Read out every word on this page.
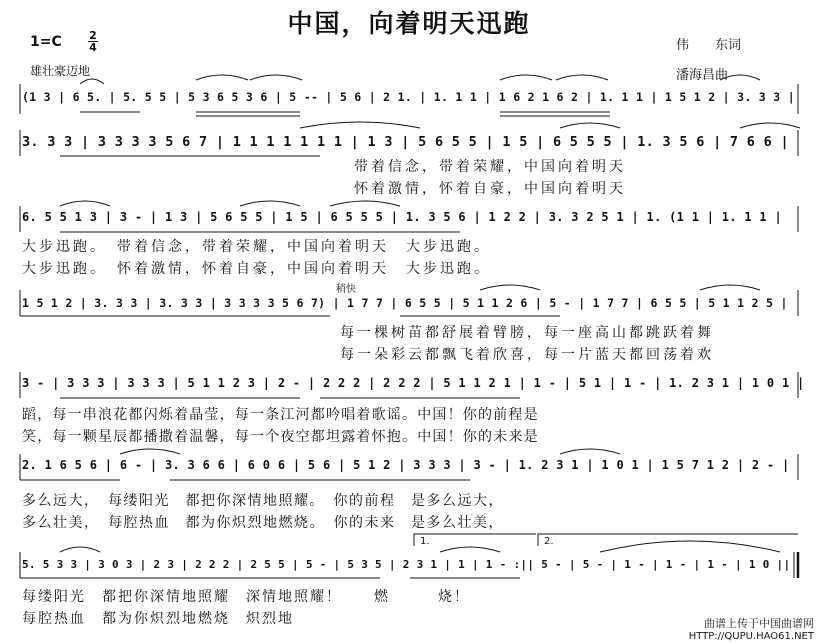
中国，向着明天迅跑
1=C 2
4
雄壮豪迈地
伟　　东词
潘海昌曲
(1 3 | 6 5. | 5. 5 5 | 5 3 6 5 3 6 | 5 -- | 5 6 | 2 1. | 1. 1 1 | 1 6 2 1 6 2 | 1. 1 1 | 1 5 1 2 | 3. 3 3 |
3. 3 3 | 3 3 3 3 5 6 7 | 1 1 1 1 1 1 1 | 1 3 | 5 6 5 5 | 1 5 | 6 5 5 5 | 1. 3 5 6 | 7 6 6 |
带着信念，带着荣耀，中国向着明天
怀着激情，怀着自豪，中国向着明天
6. 5 5 1 3 | 3 - | 1 3 | 5 6 5 5 | 1 5 | 6 5 5 5 | 1. 3 5 6 | 1 2 2 | 3. 3 2 5 1 | 1. (1 1 | 1. 1 1 |
大步迅跑。　带着信念，带着荣耀，中国向着明天　大步迅跑。
大步迅跑。　怀着激情，怀着自豪，中国向着明天　大步迅跑。
稍快
1 5 1 2 | 3. 3 3 | 3. 3 3 | 3 3 3 3 5 6 7) | 1 7 7 | 6 5 5 | 5 1 1 2 6 | 5 - | 1 7 7 | 6 5 5 | 5 1 1 2 5 |
每一棵树苗都舒展着臂膀，每一座高山都跳跃着舞
每一朵彩云都飘飞着欣喜，每一片蓝天都回荡着欢
3 - | 3 3 3 | 3 3 3 | 5 1 1 2 3 | 2 - | 2 2 2 | 2 2 2 | 5 1 1 2 1 | 1 - | 5 1 | 1 - | 1. 2 3 1 | 1 0 1 |
蹈，每一串浪花都闪烁着晶莹，每一条江河都吟唱着歌谣。中国！你的前程是
笑，每一颗星辰都播撒着温馨，每一个夜空都坦露着怀抱。中国！你的未来是
2. 1 6 5 6 | 6 - | 3. 3 6 6 | 6 0 6 | 5 6 | 5 1 2 | 3 3 3 | 3 - | 1. 2 3 1 | 1 0 1 | 1 5 7 1 2 | 2 - |
多么远大，　每缕阳光　都把你深情地照耀。　你的前程　是多么远大，
多么壮美，　每腔热血　都为你炽烈地燃烧。　你的未来　是多么壮美，
1.	2.
5. 5 3 3 | 3 0 3 | 2 3 | 2 2 2 | 2 5 5 | 5 - | 5 3 5 | 2 3 1 | 1 | 1 - :|| 5 - | 5 - | 1 - | 1 - | 1 - | 1 0 ||
每缕阳光　都把你深情地照耀　深情地照耀！　　燃　　　烧！
每腔热血　都为你炽烈地燃烧　炽烈地	曲谱上传于中国曲谱网
HTTP://QUPU.HAO61.NET
